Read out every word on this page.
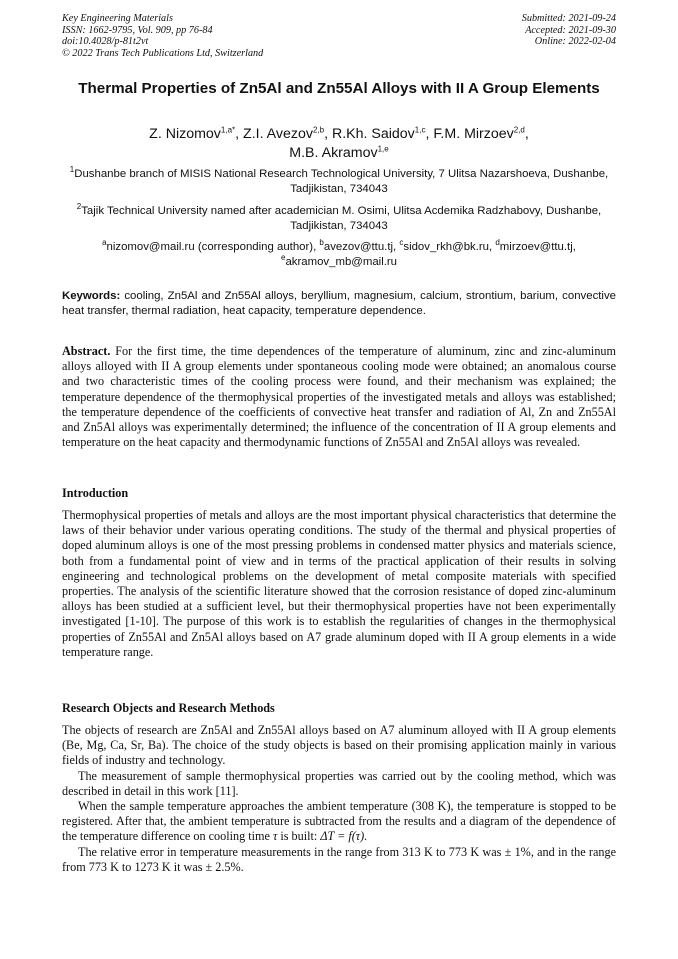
Key Engineering Materials
ISSN: 1662-9795, Vol. 909, pp 76-84
doi:10.4028/p-81t2vt
© 2022 Trans Tech Publications Ltd, Switzerland
Submitted: 2021-09-24
Accepted: 2021-09-30
Online: 2022-02-04
Thermal Properties of Zn5Al and Zn55Al Alloys with II A Group Elements
Z. Nizomov$^{1,a*}$, Z.I. Avezov$^{2,b}$, R.Kh. Saidov$^{1,c}$, F.M. Mirzoev$^{2,d}$,
M.B. Akramov$^{1,e}$
$^1$Dushanbe branch of MISIS National Research Technological University, 7 Ulitsa Nazarshoeva, Dushanbe, Tadjikistan, 734043
$^2$Tajik Technical University named after academician M. Osimi, Ulitsa Acdemika Radzhabovy, Dushanbe, Tadjikistan, 734043
$^a$nizomov@mail.ru (corresponding author), $^b$avezov@ttu.tj, $^c$sidov_rkh@bk.ru, $^d$mirzoev@ttu.tj, $^e$akramov_mb@mail.ru
Keywords: cooling, Zn5Al and Zn55Al alloys, beryllium, magnesium, calcium, strontium, barium, convective heat transfer, thermal radiation, heat capacity, temperature dependence.
Abstract. For the first time, the time dependences of the temperature of aluminum, zinc and zinc-aluminum alloys alloyed with II A group elements under spontaneous cooling mode were obtained; an anomalous course and two characteristic times of the cooling process were found, and their mechanism was explained; the temperature dependence of the thermophysical properties of the investigated metals and alloys was established; the temperature dependence of the coefficients of convective heat transfer and radiation of Al, Zn and Zn55Al and Zn5Al alloys was experimentally determined; the influence of the concentration of II A group elements and temperature on the heat capacity and thermodynamic functions of Zn55Al and Zn5Al alloys was revealed.
Introduction
Thermophysical properties of metals and alloys are the most important physical characteristics that determine the laws of their behavior under various operating conditions. The study of the thermal and physical properties of doped aluminum alloys is one of the most pressing problems in condensed matter physics and materials science, both from a fundamental point of view and in terms of the practical application of their results in solving engineering and technological problems on the development of metal composite materials with specified properties. The analysis of the scientific literature showed that the corrosion resistance of doped zinc-aluminum alloys has been studied at a sufficient level, but their thermophysical properties have not been experimentally investigated [1-10]. The purpose of this work is to establish the regularities of changes in the thermophysical properties of Zn55Al and Zn5Al alloys based on A7 grade aluminum doped with II A group elements in a wide temperature range.
Research Objects and Research Methods
The objects of research are Zn5Al and Zn55Al alloys based on A7 aluminum alloyed with II A group elements (Be, Mg, Ca, Sr, Ba). The choice of the study objects is based on their promising application mainly in various fields of industry and technology.
The measurement of sample thermophysical properties was carried out by the cooling method, which was described in detail in this work [11].
When the sample temperature approaches the ambient temperature (308 K), the temperature is stopped to be registered. After that, the ambient temperature is subtracted from the results and a diagram of the dependence of the temperature difference on cooling time τ is built: ΔT = f(τ).
The relative error in temperature measurements in the range from 313 K to 773 K was ± 1%, and in the range from 773 K to 1273 K it was ± 2.5%.
